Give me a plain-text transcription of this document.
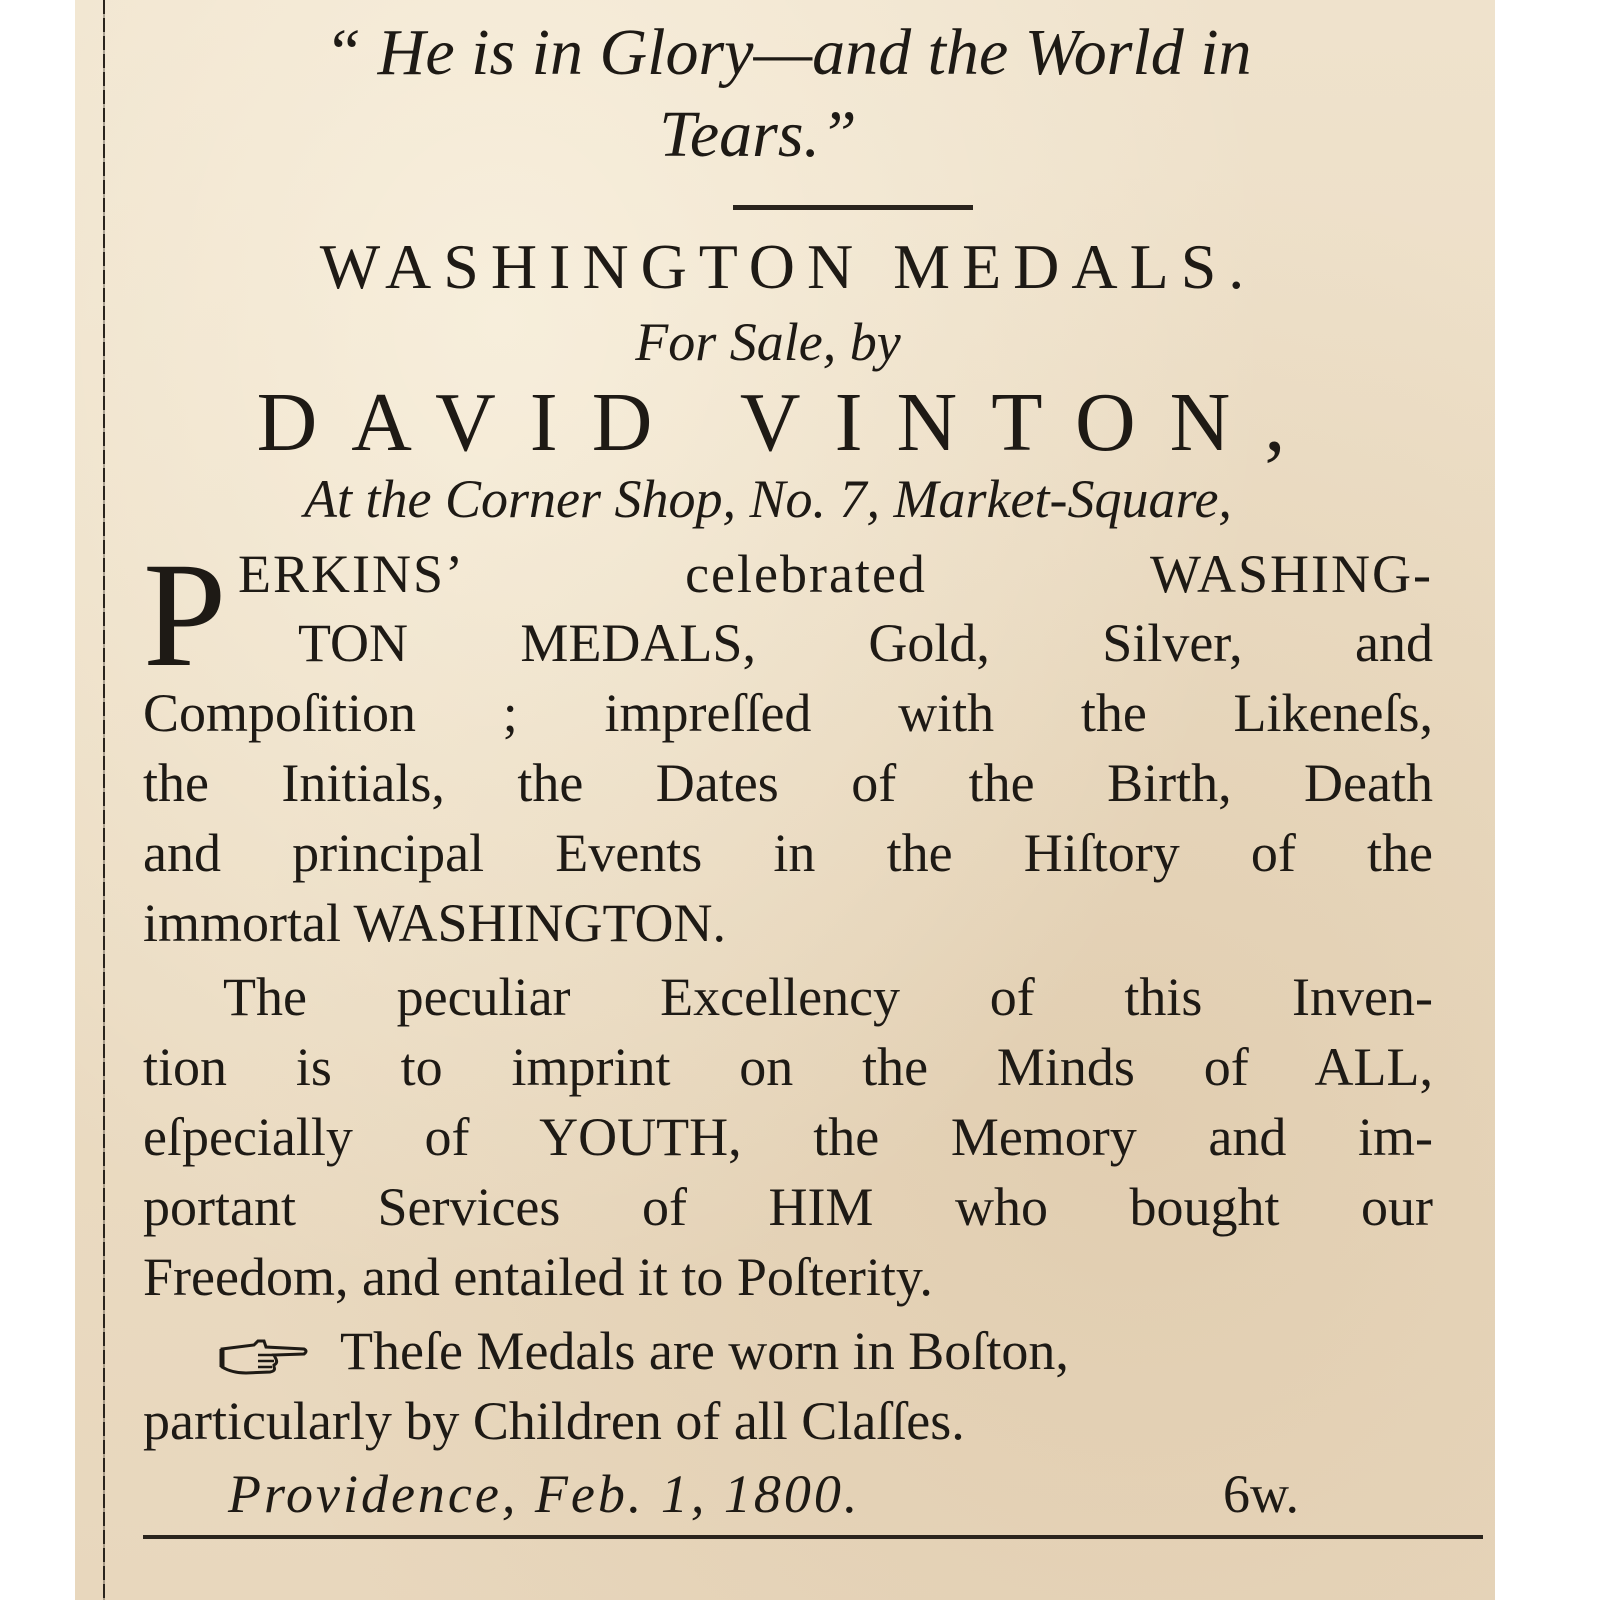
“ He is in Glory—and the World in
Tears.”
WASHINGTON MEDALS.
For Sale, by
DAVID VINTON,
At the Corner Shop, No. 7, Market-Square,
P ERKINS’ celebrated WASHING-
TON MEDALS, Gold, Silver, and
Compoſition ; impreſſed with the Likeneſs,
the Initials, the Dates of the Birth, Death
and principal Events in the Hiſtory of the
immortal WASHINGTON.
The peculiar Excellency of this Inven-
tion is to imprint on the Minds of ALL,
eſpecially of YOUTH, the Memory and im-
portant Services of HIM who bought our
Freedom, and entailed it to Poſterity.
Theſe Medals are worn in Boſton,
particularly by Children of all Claſſes.
Providence, Feb. 1, 1800.	6w.
